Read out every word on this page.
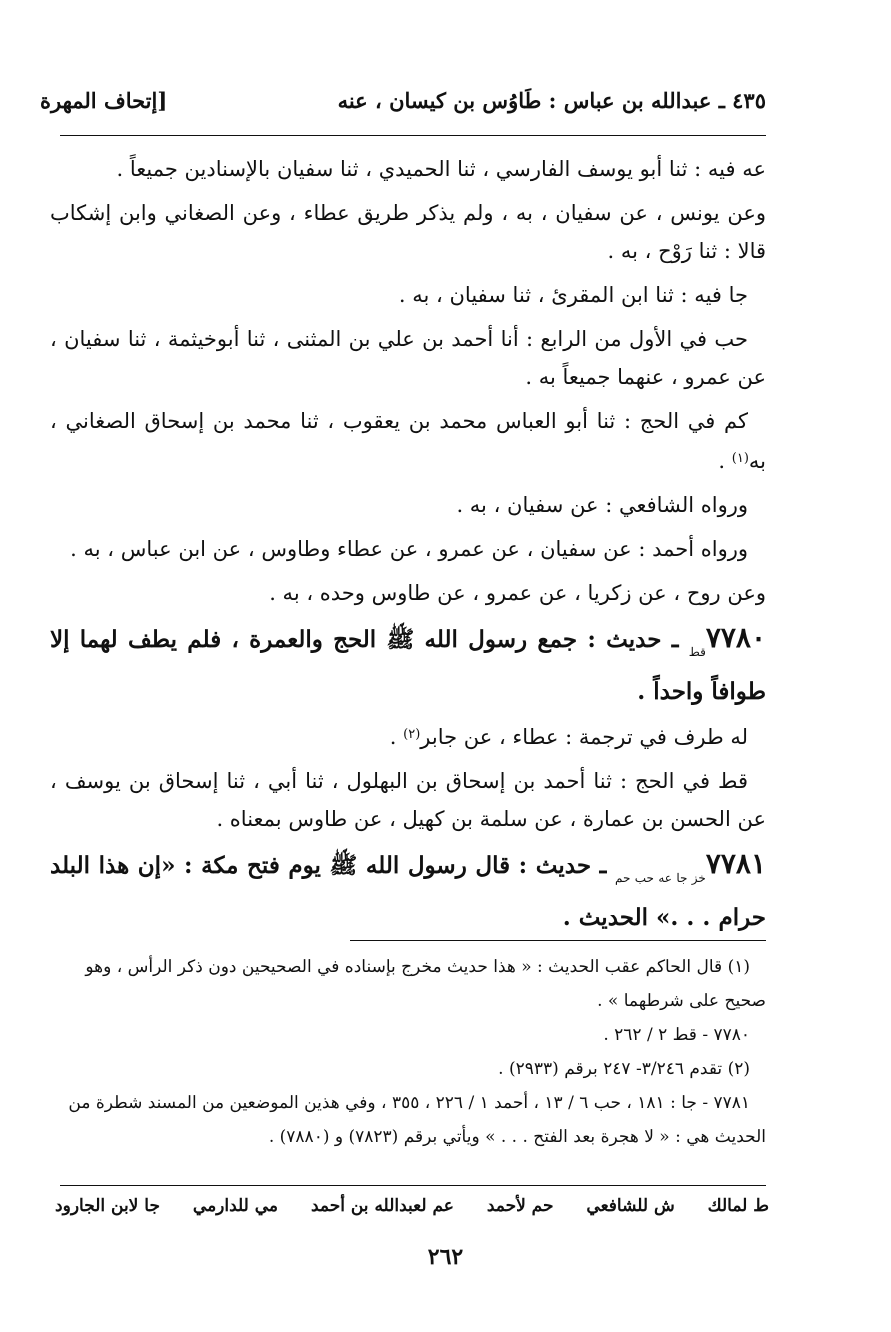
٤٣٥ ـ عبدالله بن عباس : طَاوُس بن كيسان ، عنه
[إتحاف المهرة

عه فيه : ثنا أبو يوسف الفارسي ، ثنا الحميدي ، ثنا سفيان بالإسنادين جميعاً .

وعن يونس ، عن سفيان ، به ، ولم يذكر طريق عطاء ، وعن الصغاني وابن إشكاب قالا : ثنا رَوْح ، به .

جا فيه : ثنا ابن المقرئ ، ثنا سفيان ، به .

حب في الأول من الرابع : أنا أحمد بن علي بن المثنى ، ثنا أبوخيثمة ، ثنا سفيان ، عن عمرو ، عنهما جميعاً به .

كم في الحج : ثنا أبو العباس محمد بن يعقوب ، ثنا محمد بن إسحاق الصغاني ، به$^{(١)}$ .

ورواه الشافعي : عن سفيان ، به .

ورواه أحمد : عن سفيان ، عن عمرو ، عن عطاء وطاوس ، عن ابن عباس ، به .

وعن روح ، عن زكريا ، عن عمرو ، عن طاوس وحده ، به .

$٧٧٨٠_{قط}$ ـ حديث : جمع رسول الله ﷺ الحج والعمرة ، فلم يطف لهما إلا طوافاً واحداً .

له طرف في ترجمة : عطاء ، عن جابر$^{(٢)}$ .

قط في الحج : ثنا أحمد بن إسحاق بن البهلول ، ثنا أبي ، ثنا إسحاق بن يوسف ، عن الحسن بن عمارة ، عن سلمة بن كهيل ، عن طاوس بمعناه .

$٧٧٨١_{خز جا عه حب حم}$ ـ حديث : قال رسول الله ﷺ يوم فتح مكة : «إن هذا البلد حرام . . .» الحديث .

(١) قال الحاكم عقب الحديث : « هذا حديث مخرج بإسناده في الصحيحين دون ذكر الرأس ، وهو صحيح على شرطهما » .

٧٧٨٠ - قط ٢ / ٢٦٢ .

(٢) تقدم ٣/٢٤٦- ٢٤٧ برقم (٢٩٣٣) .

٧٧٨١ - جا : ١٨١ ، حب ٦ / ١٣ ، أحمد ١ / ٢٢٦ ، ٣٥٥ ، وفي هذين الموضعين من المسند شطرة من الحديث هي : « لا هجرة بعد الفتح . . . » ويأتي برقم (٧٨٢٣) و (٧٨٨٠) .

ط لمالك
ش للشافعي
حم لأحمد
عم لعبدالله بن أحمد
مي للدارمي
جا لابن الجارود
٢٦٢
